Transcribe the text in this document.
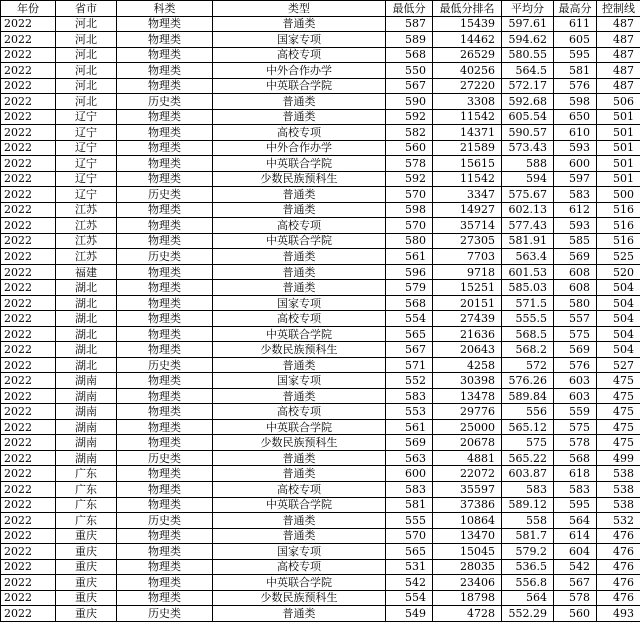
年份	省市	科类	类型	最低分	最低分排名	平均分	最高分	控制线
2022	河北	物理类	普通类	587	15439	597.61	611	487
2022	河北	物理类	国家专项	589	14462	594.62	605	487
2022	河北	物理类	高校专项	568	26529	580.55	595	487
2022	河北	物理类	中外合作办学	550	40256	564.5	581	487
2022	河北	物理类	中英联合学院	567	27220	572.17	576	487
2022	河北	历史类	普通类	590	3308	592.68	598	506
2022	辽宁	物理类	普通类	592	11542	605.54	650	501
2022	辽宁	物理类	高校专项	582	14371	590.57	610	501
2022	辽宁	物理类	中外合作办学	560	21589	573.43	593	501
2022	辽宁	物理类	中英联合学院	578	15615	588	600	501
2022	辽宁	物理类	少数民族预科生	592	11542	594	597	501
2022	辽宁	历史类	普通类	570	3347	575.67	583	500
2022	江苏	物理类	普通类	598	14927	602.13	612	516
2022	江苏	物理类	高校专项	570	35714	577.43	593	516
2022	江苏	物理类	中英联合学院	580	27305	581.91	585	516
2022	江苏	历史类	普通类	561	7703	563.4	569	525
2022	福建	物理类	普通类	596	9718	601.53	608	520
2022	湖北	物理类	普通类	579	15251	585.03	608	504
2022	湖北	物理类	国家专项	568	20151	571.5	580	504
2022	湖北	物理类	高校专项	554	27439	555.5	557	504
2022	湖北	物理类	中英联合学院	565	21636	568.5	575	504
2022	湖北	物理类	少数民族预科生	567	20643	568.2	569	504
2022	湖北	历史类	普通类	571	4258	572	576	527
2022	湖南	物理类	国家专项	552	30398	576.26	603	475
2022	湖南	物理类	普通类	583	13478	589.84	603	475
2022	湖南	物理类	高校专项	553	29776	556	559	475
2022	湖南	物理类	中英联合学院	561	25000	565.12	575	475
2022	湖南	物理类	少数民族预科生	569	20678	575	578	475
2022	湖南	历史类	普通类	563	4881	565.22	568	499
2022	广东	物理类	普通类	600	22072	603.87	618	538
2022	广东	物理类	高校专项	583	35597	583	583	538
2022	广东	物理类	中英联合学院	581	37386	589.12	595	538
2022	广东	历史类	普通类	555	10864	558	564	532
2022	重庆	物理类	普通类	570	13470	581.7	614	476
2022	重庆	物理类	国家专项	565	15045	579.2	604	476
2022	重庆	物理类	高校专项	531	28035	536.5	542	476
2022	重庆	物理类	中英联合学院	542	23406	556.8	567	476
2022	重庆	物理类	少数民族预科生	554	18798	564	578	476
2022	重庆	历史类	普通类	549	4728	552.29	560	493
